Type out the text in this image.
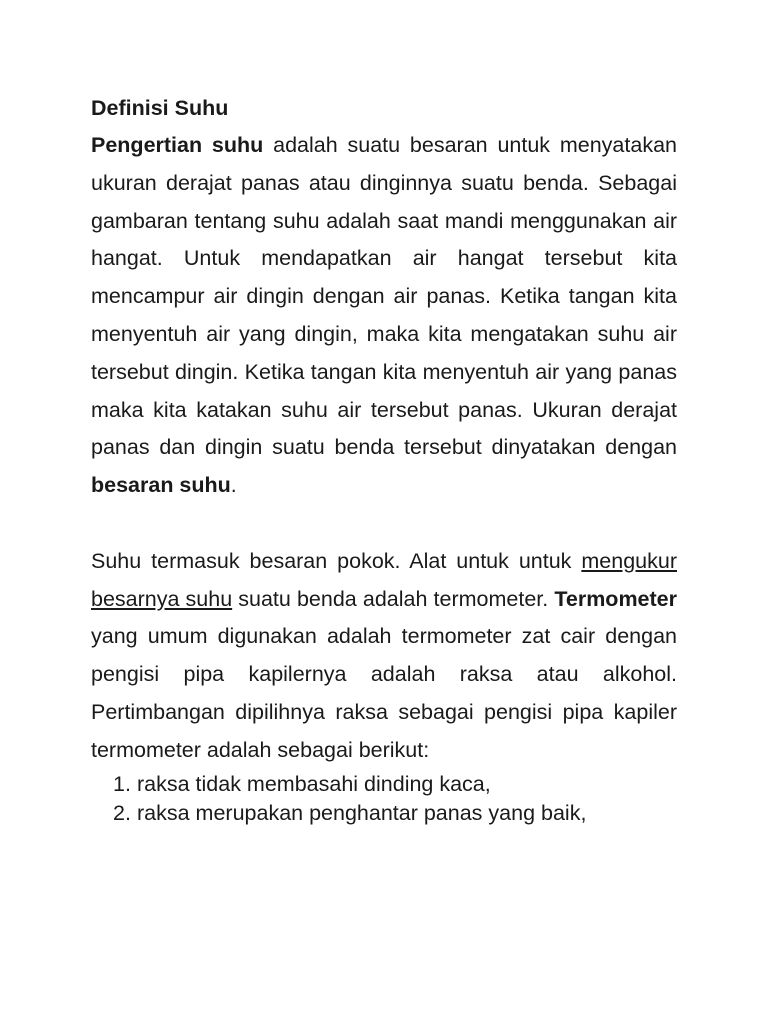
Definisi Suhu

Pengertian suhu adalah suatu besaran untuk menyatakan ukuran derajat panas atau dinginnya suatu benda. Sebagai gambaran tentang suhu adalah saat mandi menggunakan air hangat. Untuk mendapatkan air hangat tersebut kita mencampur air dingin dengan air panas. Ketika tangan kita menyentuh air yang dingin, maka kita mengatakan suhu air tersebut dingin. Ketika tangan kita menyentuh air yang panas maka kita katakan suhu air tersebut panas. Ukuran derajat panas dan dingin suatu benda tersebut dinyatakan dengan besaran suhu.

Suhu termasuk besaran pokok. Alat untuk untuk mengukur besarnya suhu suatu benda adalah termometer. Termometer yang umum digunakan adalah termometer zat cair dengan pengisi pipa kapilernya adalah raksa atau alkohol. Pertimbangan dipilihnya raksa sebagai pengisi pipa kapiler termometer adalah sebagai berikut:

1. raksa tidak membasahi dinding kaca,
2. raksa merupakan penghantar panas yang baik,
